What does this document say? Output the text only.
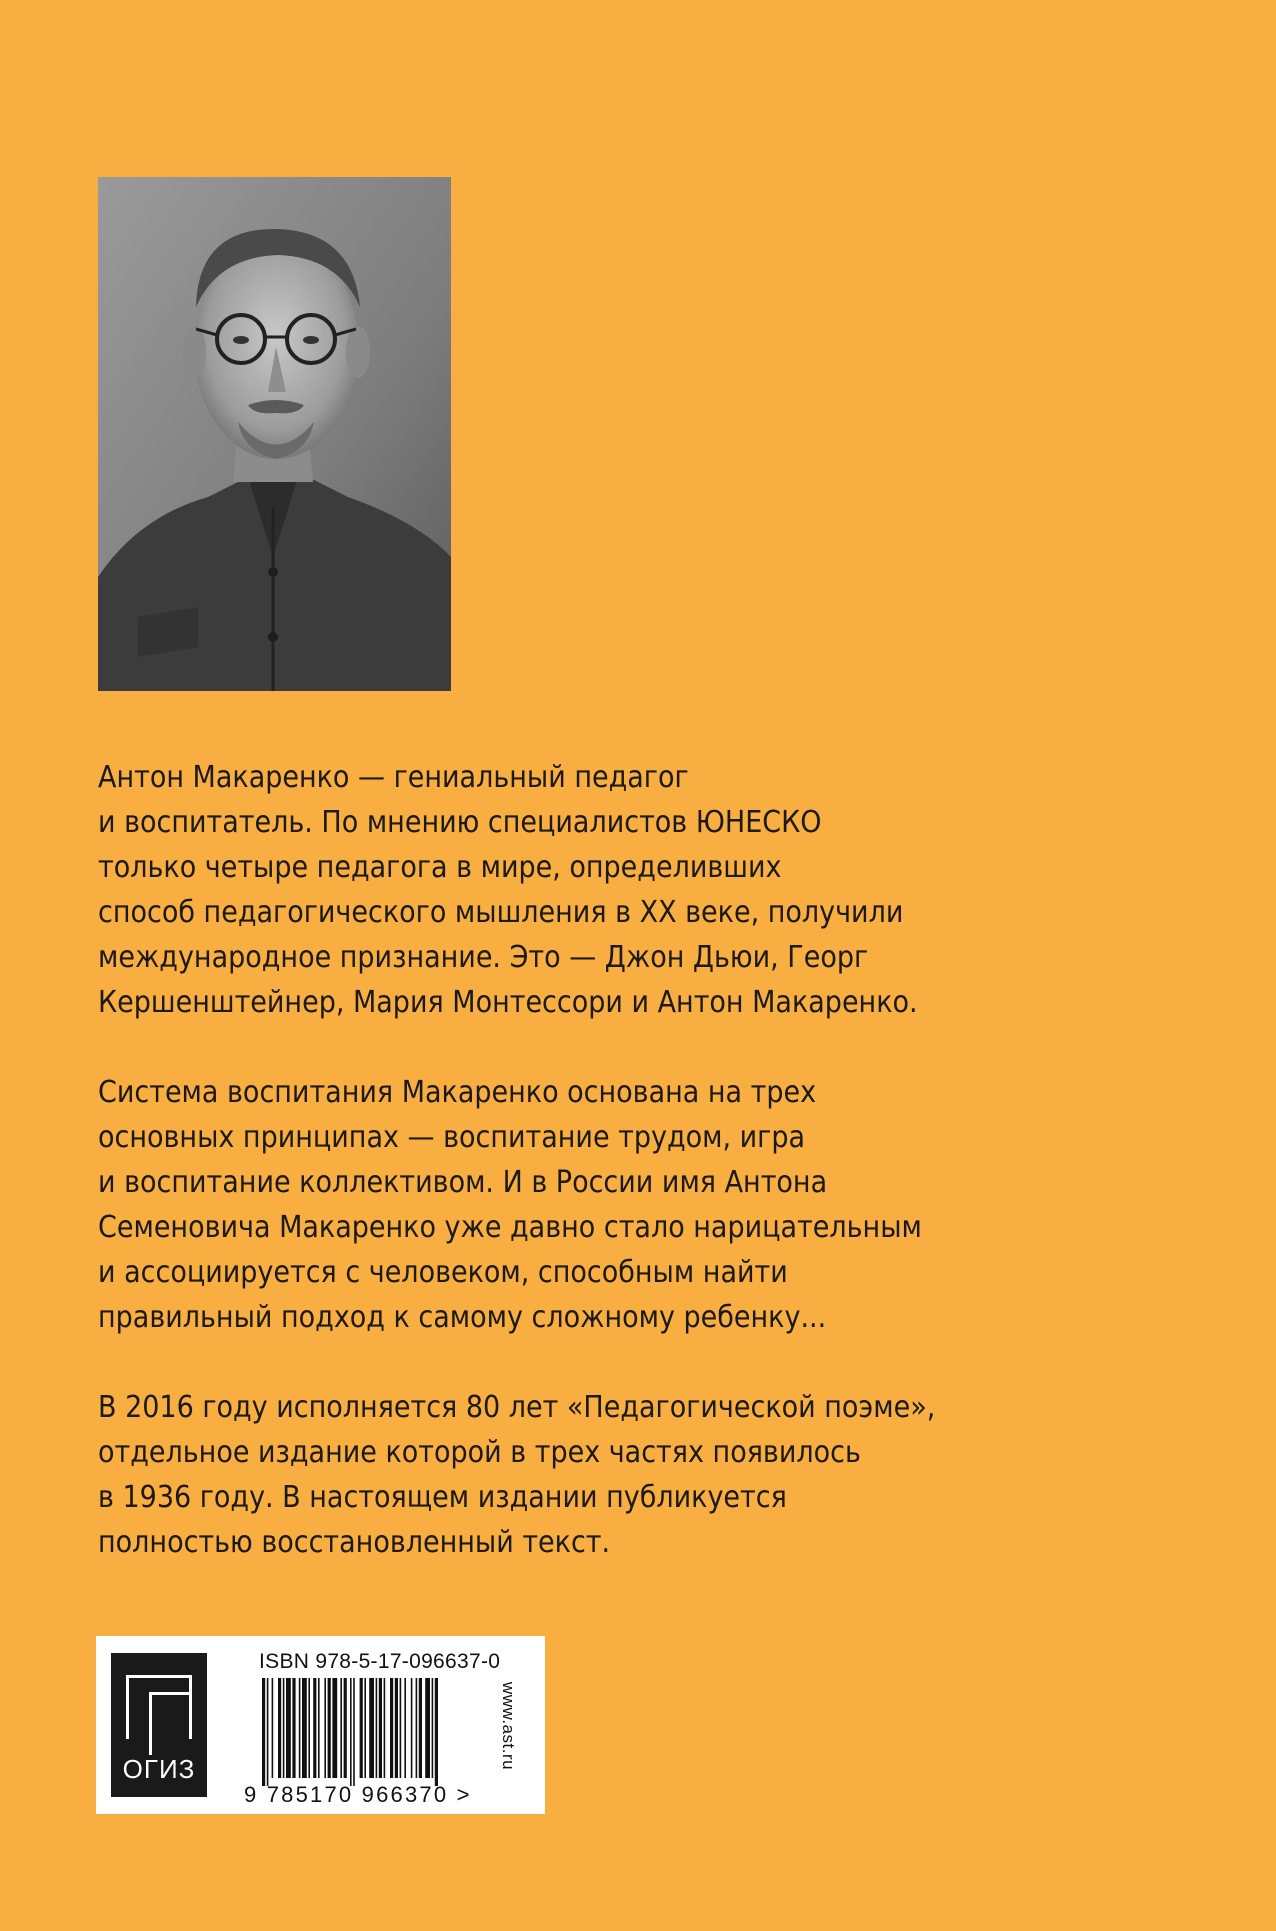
Антон Макаренко — гениальный педагог
и воспитатель. По мнению специалистов ЮНЕСКО
только четыре педагога в мире, определивших
способ педагогического мышления в XX веке, получили
международное признание. Это — Джон Дьюи, Георг
Кершенштейнер, Мария Монтессори и Антон Макаренко.
Система воспитания Макаренко основана на трех
основных принципах — воспитание трудом, игра
и воспитание коллективом. И в России имя Антона
Семеновича Макаренко уже давно стало нарицательным
и ассоциируется с человеком, способным найти
правильный подход к самому сложному ребенку...
В 2016 году исполняется 80 лет «Педагогической поэме»,
отдельное издание которой в трех частях появилось
в 1936 году. В настоящем издании публикуется
полностью восстановленный текст.
ОГИЗ
ISBN 978-5-17-096637-0
9 785170 966370 >
www.ast.ru
